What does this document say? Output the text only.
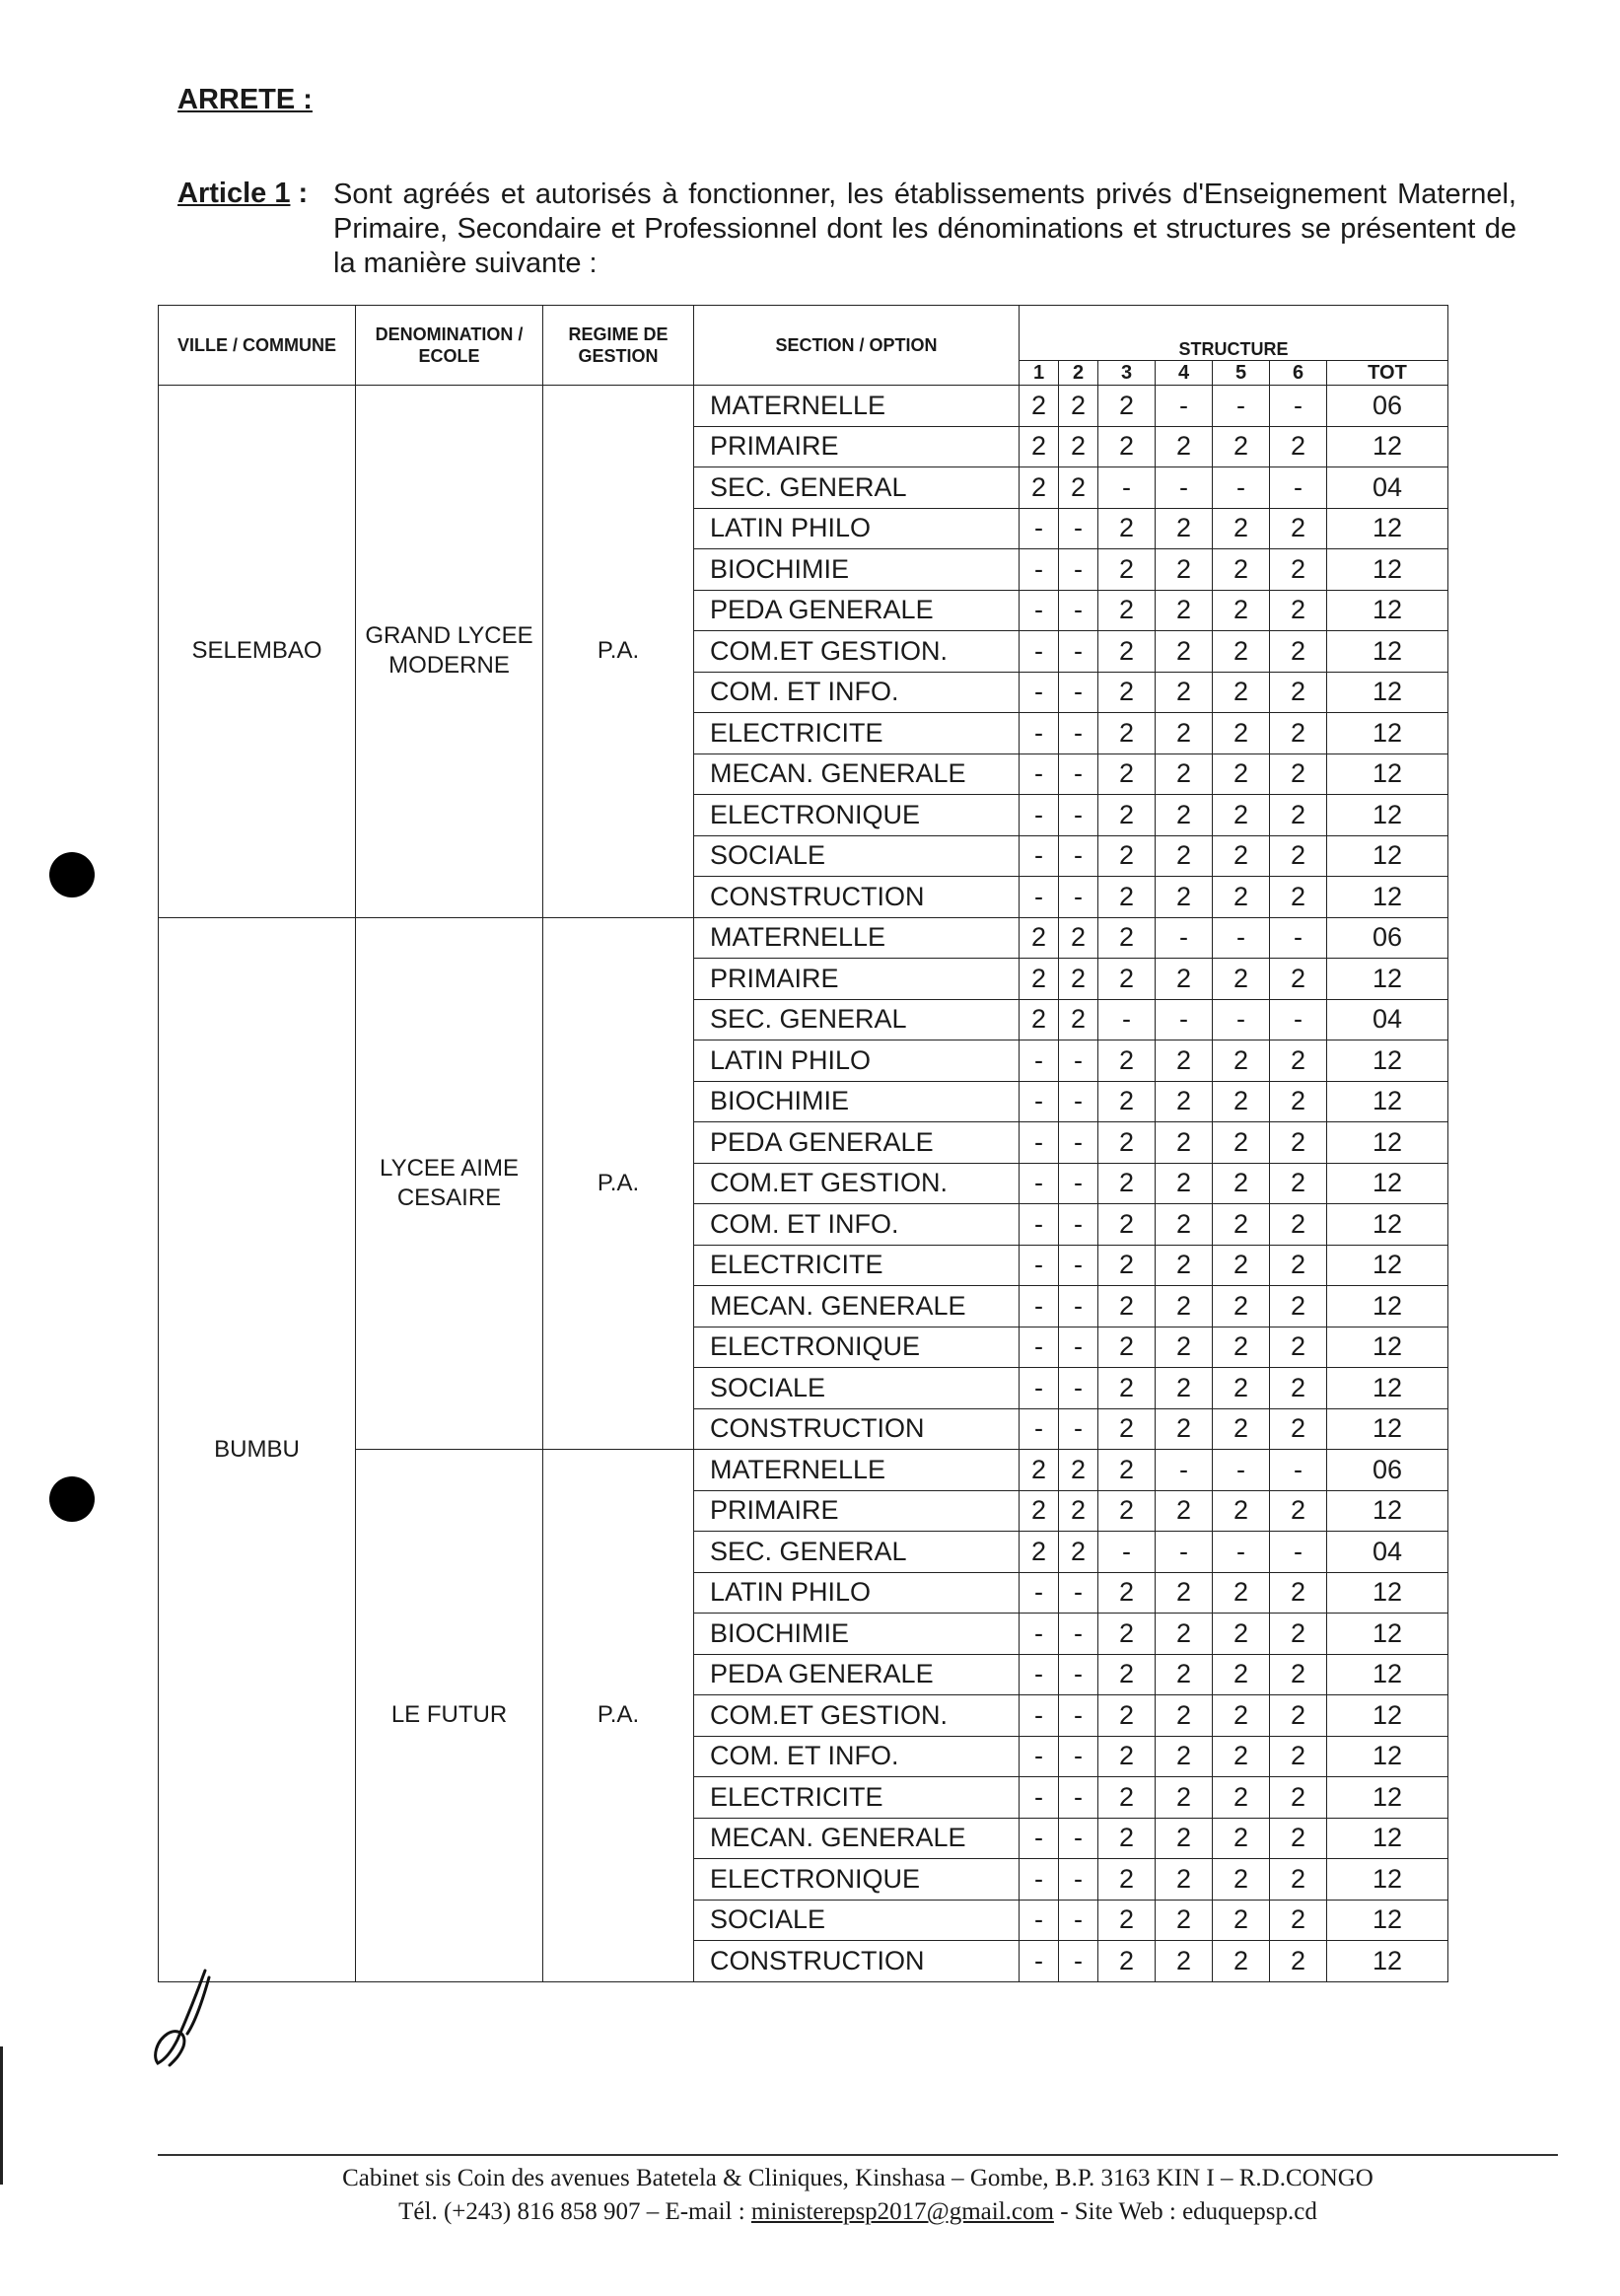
ARRETE :
Article 1 : Sont agréés et autorisés à fonctionner, les établissements privés d'Enseignement Maternel, Primaire, Secondaire et Professionnel dont les dénominations et structures se présentent de la manière suivante :
VILLE / COMMUNE	DENOMINATION / ECOLE	REGIME DE GESTION	SECTION / OPTION	STRUCTURE						
				1	2	3	4	5	6	TOT
SELEMBAO	GRAND LYCEE MODERNE	P.A.	MATERNELLE	2	2	2	-	-	-	06
			PRIMAIRE	2	2	2	2	2	2	12
			SEC. GENERAL	2	2	-	-	-	-	04
			LATIN PHILO	-	-	2	2	2	2	12
			BIOCHIMIE	-	-	2	2	2	2	12
			PEDA GENERALE	-	-	2	2	2	2	12
			COM.ET GESTION.	-	-	2	2	2	2	12
			COM. ET INFO.	-	-	2	2	2	2	12
			ELECTRICITE	-	-	2	2	2	2	12
			MECAN. GENERALE	-	-	2	2	2	2	12
			ELECTRONIQUE	-	-	2	2	2	2	12
			SOCIALE	-	-	2	2	2	2	12
			CONSTRUCTION	-	-	2	2	2	2	12
BUMBU	LYCEE AIME CESAIRE	P.A.	MATERNELLE	2	2	2	-	-	-	06
			PRIMAIRE	2	2	2	2	2	2	12
			SEC. GENERAL	2	2	-	-	-	-	04
			LATIN PHILO	-	-	2	2	2	2	12
			BIOCHIMIE	-	-	2	2	2	2	12
			PEDA GENERALE	-	-	2	2	2	2	12
			COM.ET GESTION.	-	-	2	2	2	2	12
			COM. ET INFO.	-	-	2	2	2	2	12
			ELECTRICITE	-	-	2	2	2	2	12
			MECAN. GENERALE	-	-	2	2	2	2	12
			ELECTRONIQUE	-	-	2	2	2	2	12
			SOCIALE	-	-	2	2	2	2	12
			CONSTRUCTION	-	-	2	2	2	2	12
	LE FUTUR	P.A.	MATERNELLE	2	2	2	-	-	-	06
			PRIMAIRE	2	2	2	2	2	2	12
			SEC. GENERAL	2	2	-	-	-	-	04
			LATIN PHILO	-	-	2	2	2	2	12
			BIOCHIMIE	-	-	2	2	2	2	12
			PEDA GENERALE	-	-	2	2	2	2	12
			COM.ET GESTION.	-	-	2	2	2	2	12
			COM. ET INFO.	-	-	2	2	2	2	12
			ELECTRICITE	-	-	2	2	2	2	12
			MECAN. GENERALE	-	-	2	2	2	2	12
			ELECTRONIQUE	-	-	2	2	2	2	12
			SOCIALE	-	-	2	2	2	2	12
			CONSTRUCTION	-	-	2	2	2	2	12
Cabinet sis Coin des avenues Batetela & Cliniques, Kinshasa – Gombe, B.P. 3163 KIN I – R.D.CONGO
Tél. (+243) 816 858 907 – E-mail : ministerepsp2017@gmail.com - Site Web : eduquepsp.cd
